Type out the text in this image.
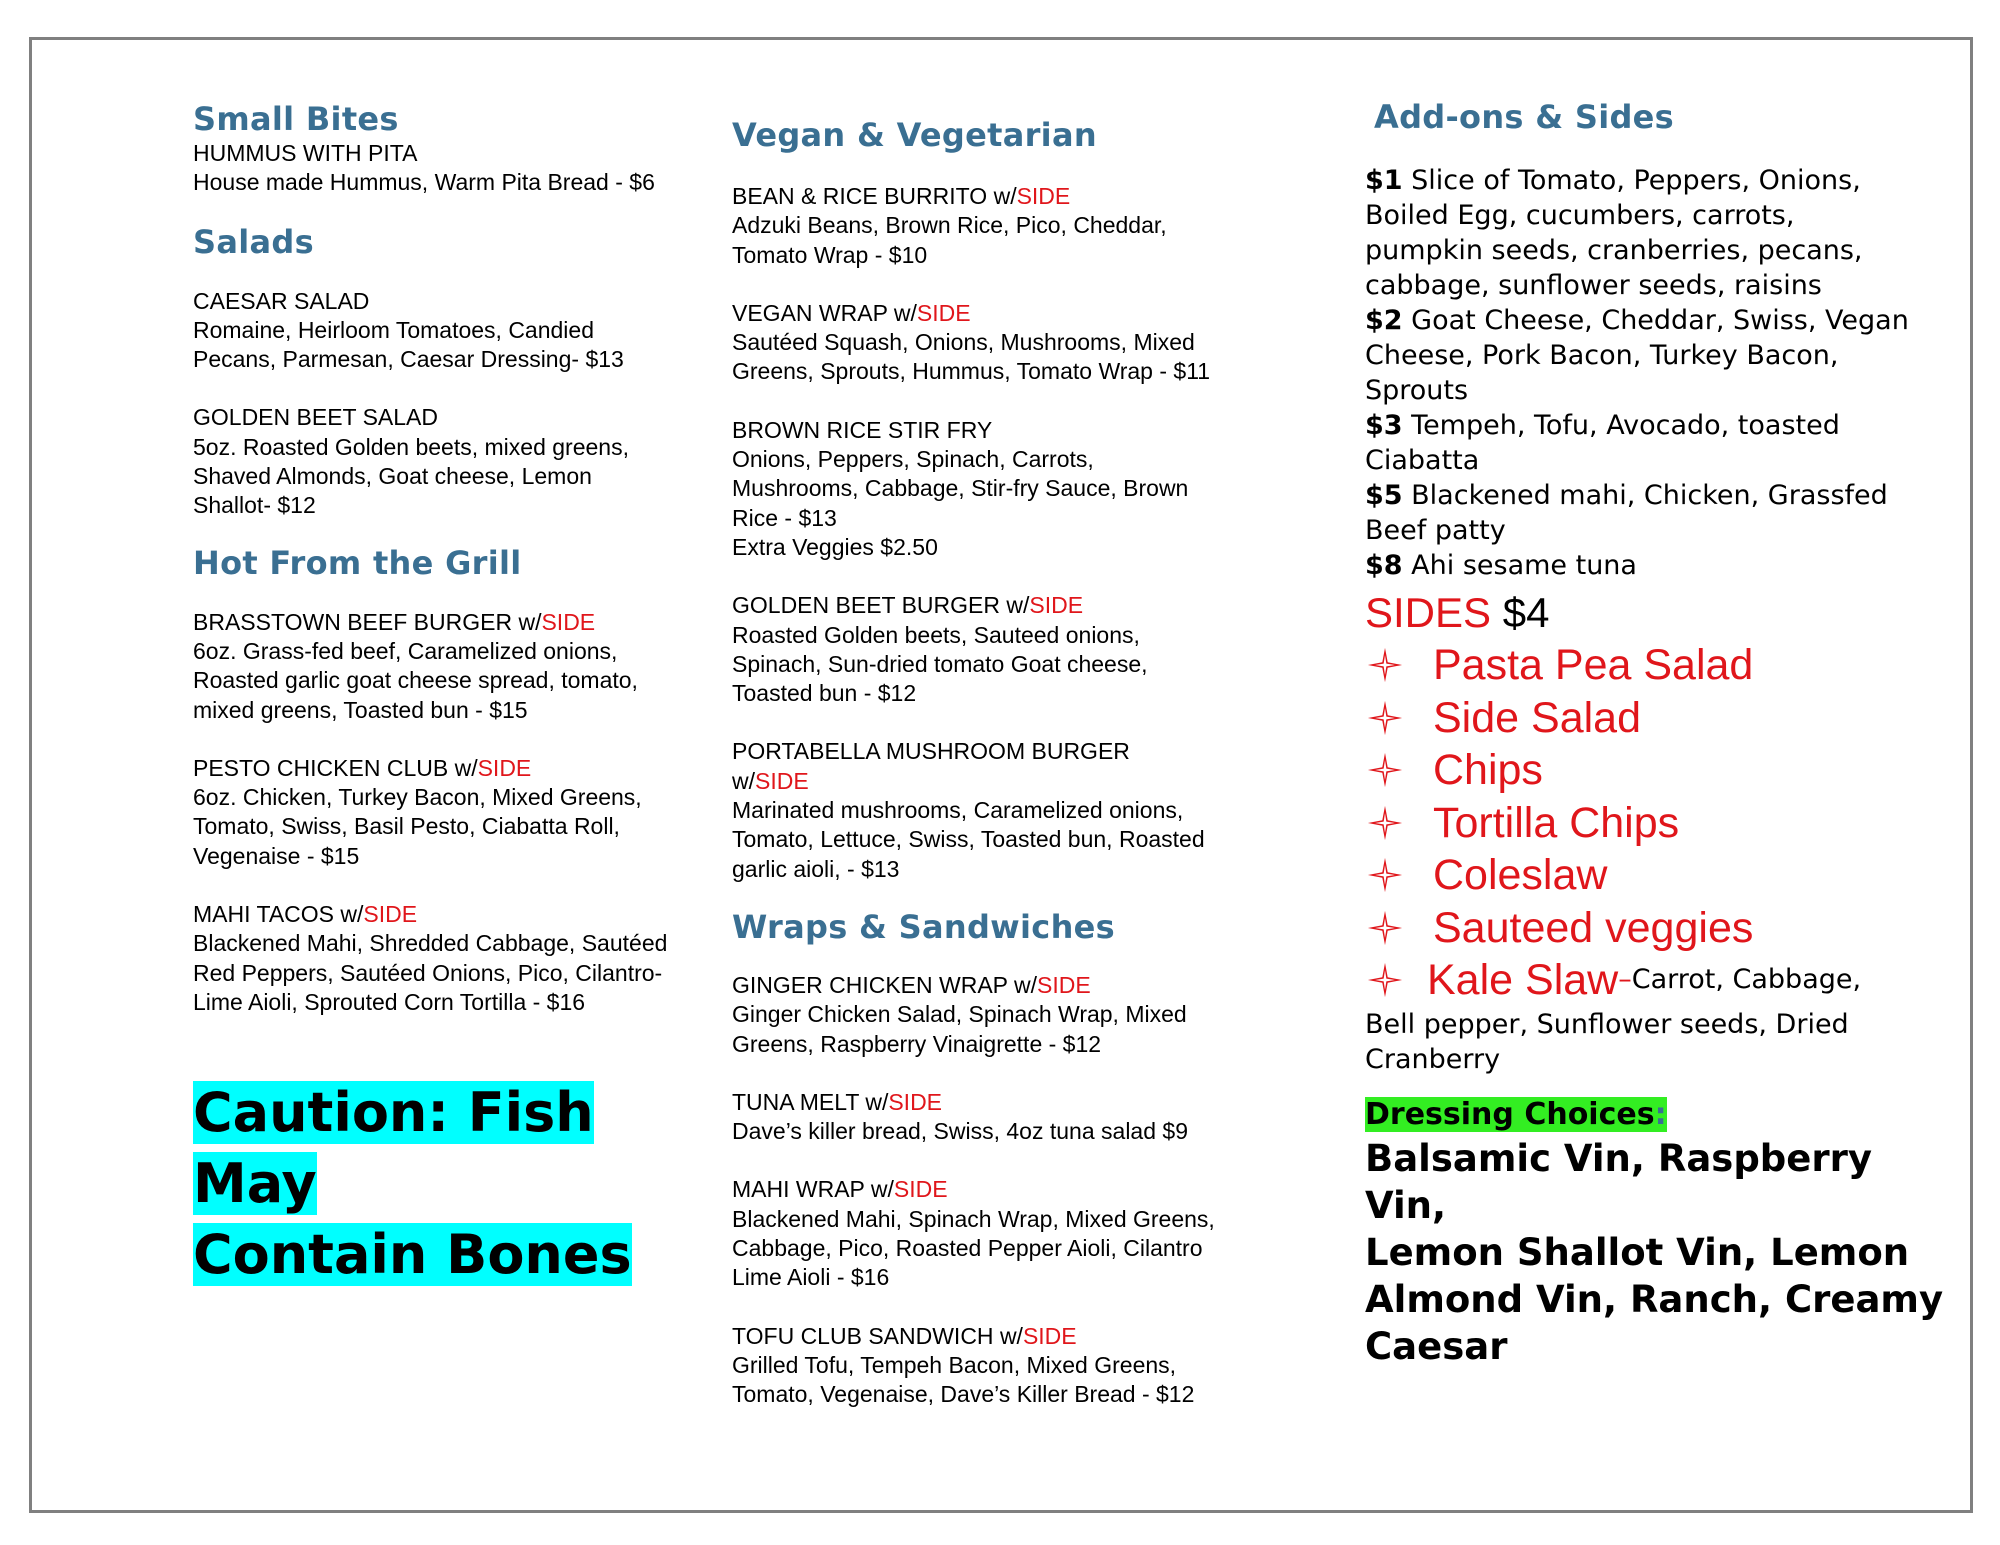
Small Bites
HUMMUS WITH PITA
House made Hummus, Warm Pita Bread - $6
Salads
CAESAR SALAD
Romaine, Heirloom Tomatoes, Candied
Pecans, Parmesan, Caesar Dressing- $13
GOLDEN BEET SALAD
5oz. Roasted Golden beets, mixed greens,
Shaved Almonds, Goat cheese, Lemon
Shallot- $12
Hot From the Grill
BRASSTOWN BEEF BURGER w/SIDE
6oz. Grass-fed beef, Caramelized onions,
Roasted garlic goat cheese spread, tomato,
mixed greens, Toasted bun - $15
PESTO CHICKEN CLUB w/SIDE
6oz. Chicken, Turkey Bacon, Mixed Greens,
Tomato, Swiss, Basil Pesto, Ciabatta Roll,
Vegenaise - $15
MAHI TACOS w/SIDE
Blackened Mahi, Shredded Cabbage, Sautéed
Red Peppers, Sautéed Onions, Pico, Cilantro-
Lime Aioli, Sprouted Corn Tortilla - $16
Caution: Fish May
Contain Bones
Vegan & Vegetarian
BEAN & RICE BURRITO w/SIDE
Adzuki Beans, Brown Rice, Pico, Cheddar,
Tomato Wrap - $10
VEGAN WRAP w/SIDE
Sautéed Squash, Onions, Mushrooms, Mixed
Greens, Sprouts, Hummus, Tomato Wrap - $11
BROWN RICE STIR FRY
Onions, Peppers, Spinach, Carrots,
Mushrooms, Cabbage, Stir-fry Sauce, Brown
Rice - $13
Extra Veggies $2.50
GOLDEN BEET BURGER w/SIDE
Roasted Golden beets, Sauteed onions,
Spinach, Sun-dried tomato Goat cheese,
Toasted bun - $12
PORTABELLA MUSHROOM BURGER
w/SIDE
Marinated mushrooms, Caramelized onions,
Tomato, Lettuce, Swiss, Toasted bun, Roasted
garlic aioli, - $13
Wraps & Sandwiches
GINGER CHICKEN WRAP w/SIDE
Ginger Chicken Salad, Spinach Wrap, Mixed
Greens, Raspberry Vinaigrette - $12
TUNA MELT w/SIDE
Dave’s killer bread, Swiss, 4oz tuna salad $9
MAHI WRAP w/SIDE
Blackened Mahi, Spinach Wrap, Mixed Greens,
Cabbage, Pico, Roasted Pepper Aioli, Cilantro
Lime Aioli - $16
TOFU CLUB SANDWICH w/SIDE
Grilled Tofu, Tempeh Bacon, Mixed Greens,
Tomato, Vegenaise, Dave’s Killer Bread - $12
Add-ons & Sides
$1 Slice of Tomato, Peppers, Onions,
Boiled Egg, cucumbers, carrots,
pumpkin seeds, cranberries, pecans,
cabbage, sunflower seeds, raisins
$2 Goat Cheese, Cheddar, Swiss, Vegan
Cheese, Pork Bacon, Turkey Bacon,
Sprouts
$3 Tempeh, Tofu, Avocado, toasted
Ciabatta
$5 Blackened mahi, Chicken, Grassfed
Beef patty
$8 Ahi sesame tuna
SIDES $4
Pasta Pea Salad
Side Salad
Chips
Tortilla Chips
Coleslaw
Sauteed veggies
Kale Slaw – Carrot, Cabbage,
Bell pepper, Sunflower seeds, Dried
Cranberry
Dressing Choices:
Balsamic Vin, Raspberry Vin,
Lemon Shallot Vin, Lemon
Almond Vin, Ranch, Creamy
Caesar
